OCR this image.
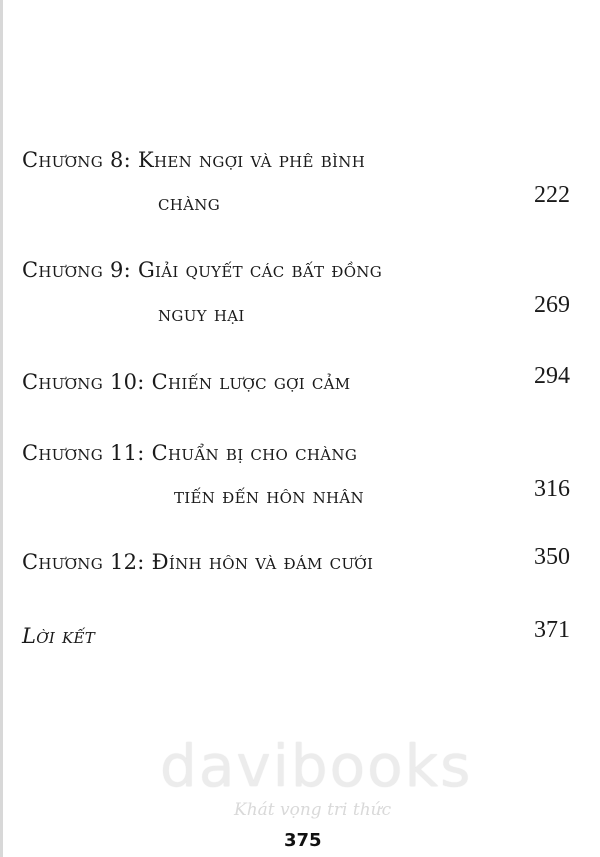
Chương 8: Khen ngợi và phê bình
chàng	222
Chương 9: Giải quyết các bất đồng
nguy hại	269
Chương 10: Chiến lược gợi cảm	294
Chương 11: Chuẩn bị cho chàng
tiến đến hôn nhân	316
Chương 12: Đính hôn và đám cưới	350
Lời kết	371
davibooks
Khát vọng tri thức
375
